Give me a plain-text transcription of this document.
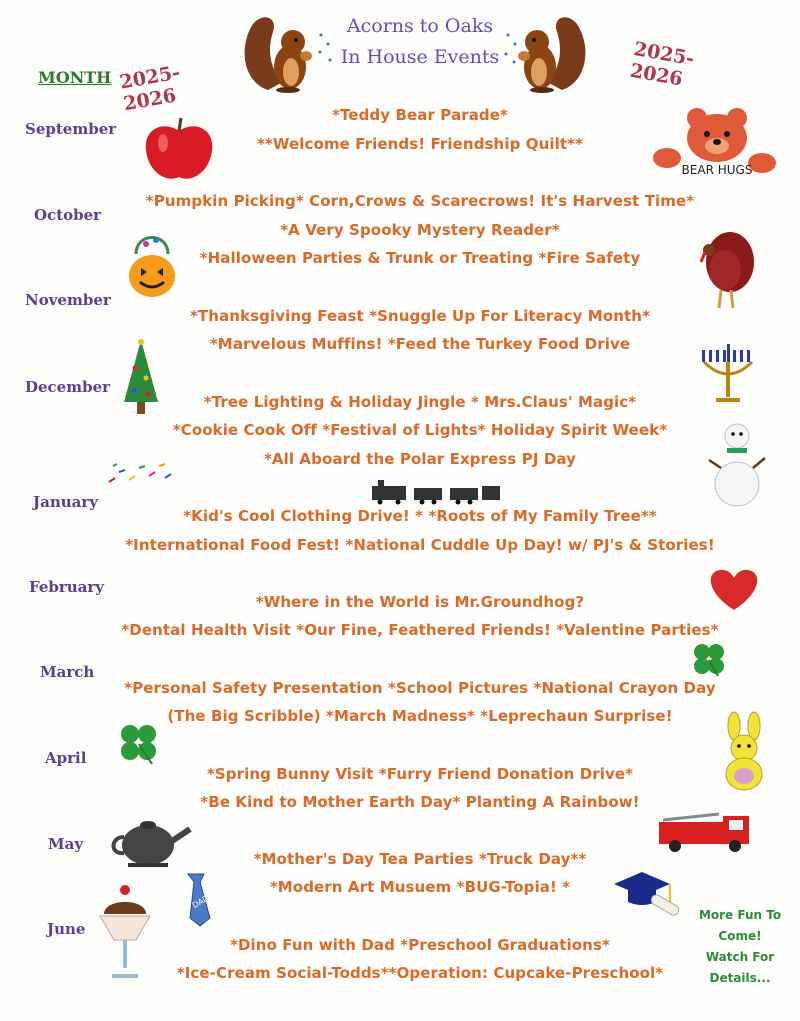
Acorns to Oaks
In House Events
2025-2026
2025-2026
MONTH
September
October
November
December
January
February
March
April
May
June
*Teddy Bear Parade*
**Welcome Friends! Friendship Quilt**
*Pumpkin Picking* Corn,Crows & Scarecrows! It's Harvest Time*
*A Very Spooky Mystery Reader*
*Halloween Parties & Trunk or Treating *Fire Safety
*Thanksgiving Feast *Snuggle Up For Literacy Month*
*Marvelous Muffins! *Feed the Turkey Food Drive
*Tree Lighting & Holiday Jingle * Mrs.Claus' Magic*
*Cookie Cook Off *Festival of Lights* Holiday Spirit Week*
*All Aboard the Polar Express PJ Day
*Kid's Cool Clothing Drive! * *Roots of My Family Tree**
*International Food Fest! *National Cuddle Up Day! w/ PJ's & Stories!
*Where in the World is Mr.Groundhog?
*Dental Health Visit *Our Fine, Feathered Friends! *Valentine Parties*
*Personal Safety Presentation *School Pictures *National Crayon Day
(The Big Scribble) *March Madness* *Leprechaun Surprise!
*Spring Bunny Visit *Furry Friend Donation Drive*
*Be Kind to Mother Earth Day* Planting A Rainbow!
*Mother's Day Tea Parties *Truck Day**
*Modern Art Musuem *BUG-Topia! *
*Dino Fun with Dad *Preschool Graduations*
*Ice-Cream Social-Todds**Operation: Cupcake-Preschool*
BEAR HUGS
DAD
More Fun To
Come!
Watch For
Details...
